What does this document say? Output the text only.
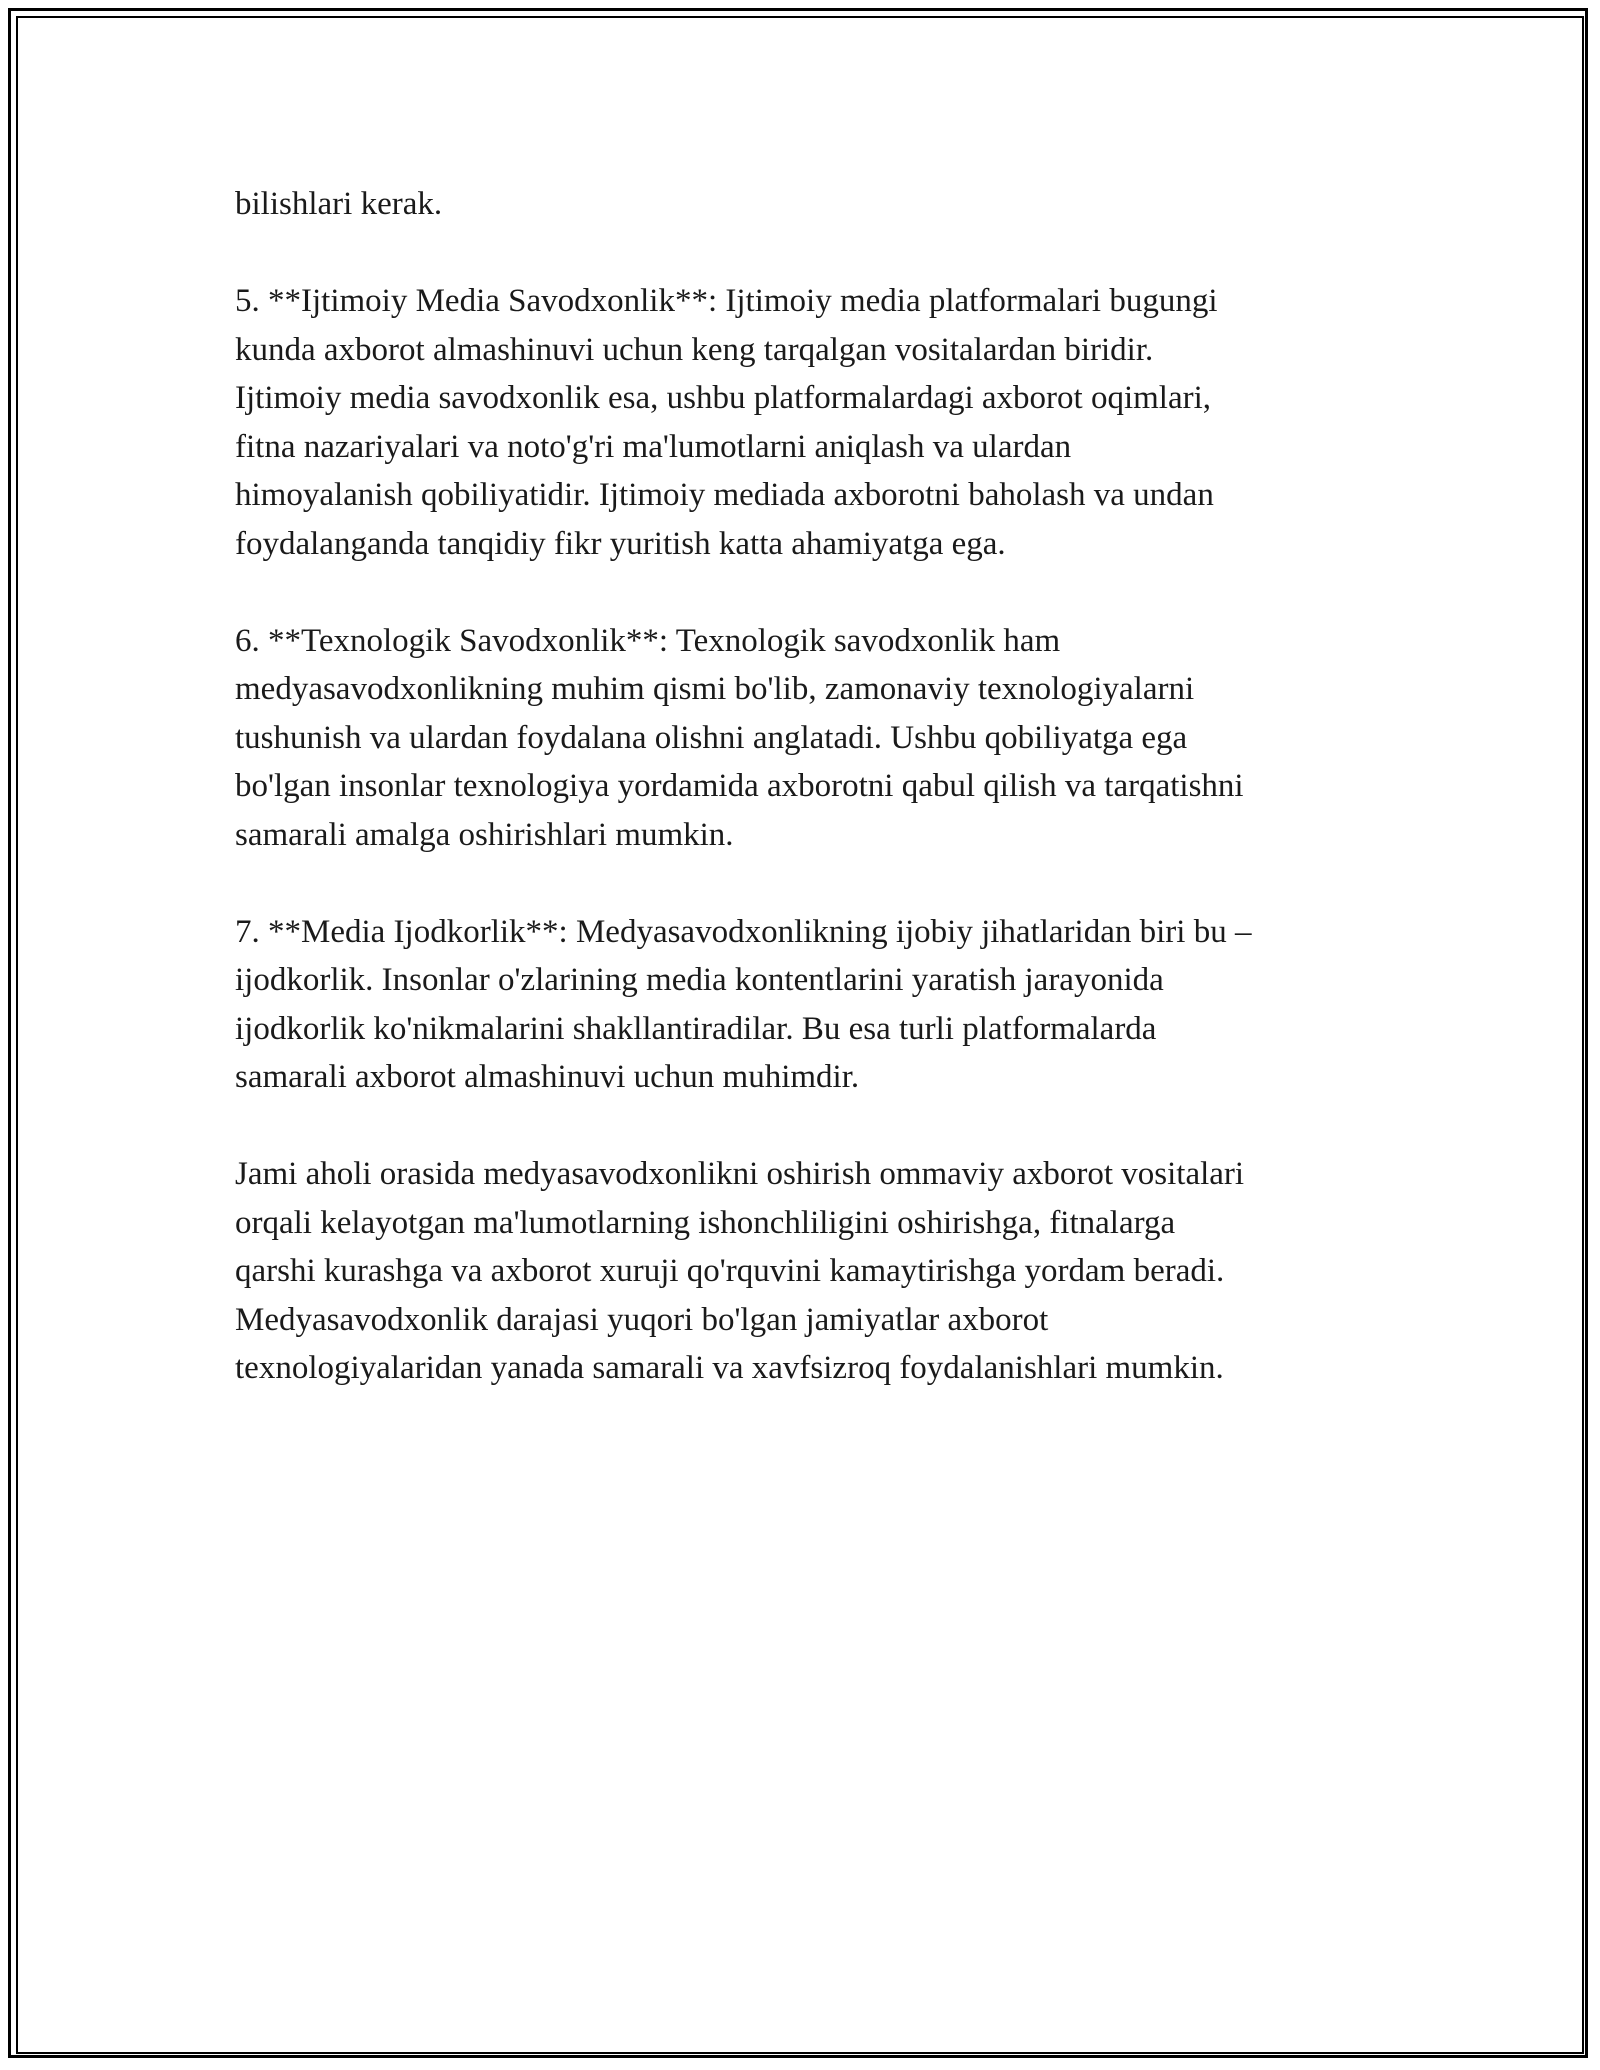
bilishlari kerak.

5. **Ijtimoiy Media Savodxonlik**: Ijtimoiy media platformalari bugungi
kunda axborot almashinuvi uchun keng tarqalgan vositalardan biridir.
Ijtimoiy media savodxonlik esa, ushbu platformalardagi axborot oqimlari,
fitna nazariyalari va noto'g'ri ma'lumotlarni aniqlash va ulardan
himoyalanish qobiliyatidir. Ijtimoiy mediada axborotni baholash va undan
foydalanganda tanqidiy fikr yuritish katta ahamiyatga ega.

6. **Texnologik Savodxonlik**: Texnologik savodxonlik ham
medyasavodxonlikning muhim qismi bo'lib, zamonaviy texnologiyalarni
tushunish va ulardan foydalana olishni anglatadi. Ushbu qobiliyatga ega
bo'lgan insonlar texnologiya yordamida axborotni qabul qilish va tarqatishni
samarali amalga oshirishlari mumkin.

7. **Media Ijodkorlik**: Medyasavodxonlikning ijobiy jihatlaridan biri bu –
ijodkorlik. Insonlar o'zlarining media kontentlarini yaratish jarayonida
ijodkorlik ko'nikmalarini shakllantiradilar. Bu esa turli platformalarda
samarali axborot almashinuvi uchun muhimdir.

Jami aholi orasida medyasavodxonlikni oshirish ommaviy axborot vositalari
orqali kelayotgan ma'lumotlarning ishonchliligini oshirishga, fitnalarga
qarshi kurashga va axborot xuruji qo'rquvini kamaytirishga yordam beradi.
Medyasavodxonlik darajasi yuqori bo'lgan jamiyatlar axborot
texnologiyalaridan yanada samarali va xavfsizroq foydalanishlari mumkin.
